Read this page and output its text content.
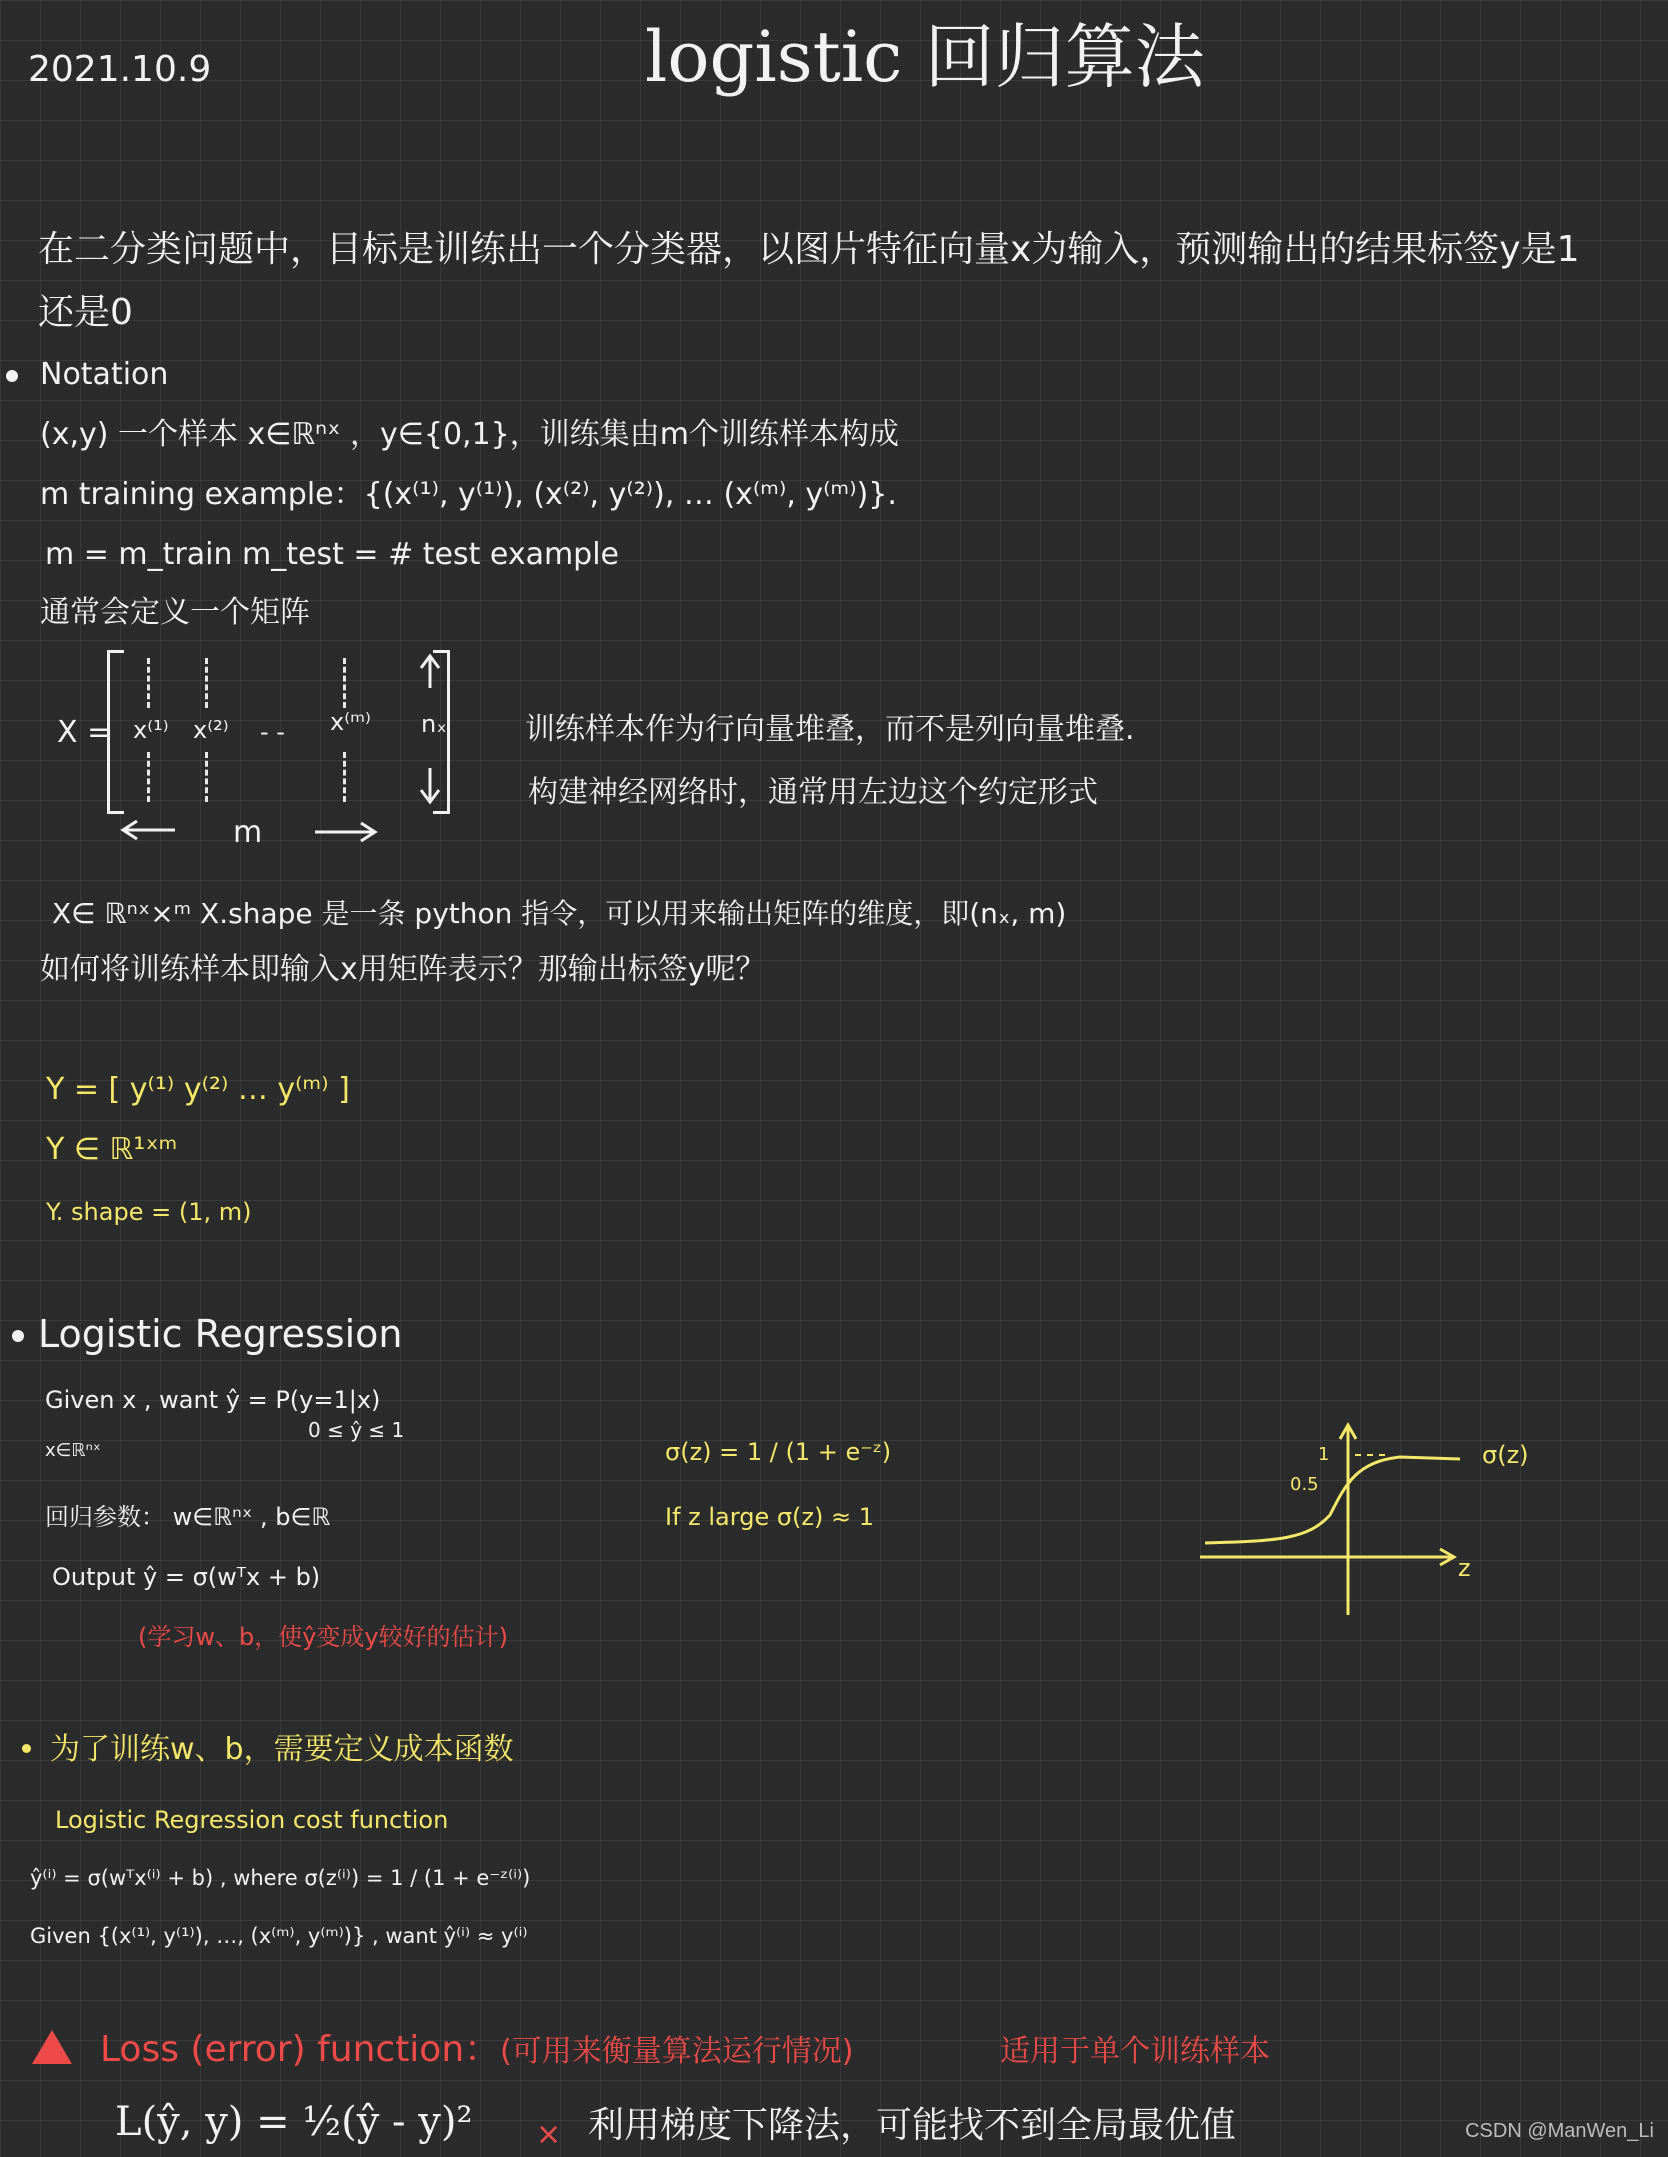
2021.10.9	logistic 回归算法
在二分类问题中，目标是训练出一个分类器，以图片特征向量x为输入，预测输出的结果标签y是1
还是0
Notation
(x,y) 一个样本 x∈ℝⁿˣ ，y∈{0,1}，训练集由m个训练样本构成
m training example：{(x⁽¹⁾, y⁽¹⁾), (x⁽²⁾, y⁽²⁾), … (x⁽ᵐ⁾, y⁽ᵐ⁾)}.
m = m_train m_test = # test example
通常会定义一个矩阵
X = x⁽¹⁾ x⁽²⁾ - - x⁽ᵐ⁾ nₓ
m
训练样本作为行向量堆叠，而不是列向量堆叠.
构建神经网络时，通常用左边这个约定形式
X∈ ℝⁿˣ×ᵐ X.shape 是一条 python 指令，可以用来输出矩阵的维度，即(nₓ, m)
如何将训练样本即输入x用矩阵表示？那输出标签y呢？
Y = [ y⁽¹⁾ y⁽²⁾ … y⁽ᵐ⁾ ]
Y ∈ ℝ¹ˣᵐ
Y. shape = (1, m)
Logistic Regression
Given x , want ŷ = P(y=1|x)
0 ≤ ŷ ≤ 1
x∈ℝⁿˣ
回归参数： w∈ℝⁿˣ , b∈ℝ
Output ŷ = σ(wᵀx + b)
(学习w、b，使ŷ变成y较好的估计)
σ(z) = 1 / (1 + e⁻ᶻ)
If z large σ(z) ≈ 1
1
0.5
σ(z)
z
为了训练w、b，需要定义成本函数
Logistic Regression cost function
ŷ⁽ⁱ⁾ = σ(wᵀx⁽ⁱ⁾ + b) , where σ(z⁽ⁱ⁾) = 1 / (1 + e⁻ᶻ⁽ⁱ⁾)
Given {(x⁽¹⁾, y⁽¹⁾), …, (x⁽ᵐ⁾, y⁽ᵐ⁾)} , want ŷ⁽ⁱ⁾ ≈ y⁽ⁱ⁾
Loss (error) function： (可用来衡量算法运行情况)	适用于单个训练样本
L(ŷ, y) = ½(ŷ - y)² × 利用梯度下降法，可能找不到全局最优值	CSDN @ManWen_Li
